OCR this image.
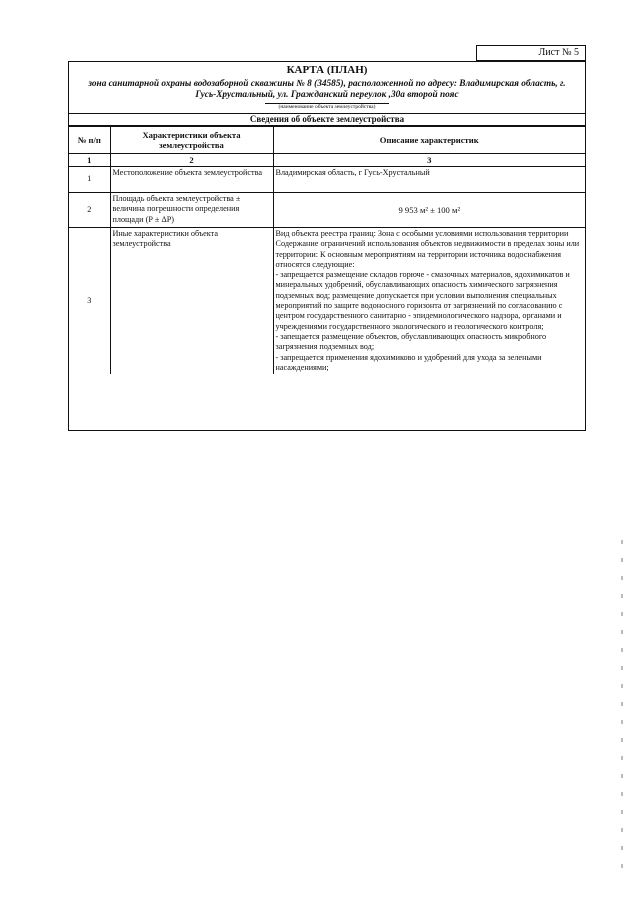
Лист № 5
КАРТА (ПЛАН)
зона санитарной охраны водозаборной скважины № 8 (34585), расположенной по адресу: Владимирская область, г. Гусь-Хрустальный, ул. Гражданский переулок ,30а второй пояс
(наименование объекта землеустройства)
Сведения об объекте землеустройства
№ п/п	Характеристики объекта землеустройства	Описание характеристик
1	2	3
1	Местоположение объекта землеустройства	Владимирская область, г Гусь-Хрустальный
2	Площадь объекта землеустройства ± величина погрешности определения площади (Р ± ΔР)	9 953 м² ± 100 м²
3	Иные характеристики объекта землеустройства	Вид объекта реестра границ: Зона с особыми условиями использования территории
Содержание ограничений использования объектов недвижимости в пределах зоны или территории: К основным мероприятиям на территории источника водоснабжения относятся следующие:
- запрещается размещение складов горюче - смазочных материалов, ядохимикатов и минеральных удобрений, обуславливающих опасность химического загрязнения подземных вод; размещение допускается при условии выполнения специальных мероприятий по защите водоносного горизонта от загрязнений по согласованию с центром государственного санитарно - эпидемиологического надзора, органами и учреждениями государственного экологического и геологического контроля;
- запещается размещение объектов, обуславливающих опасность микробного загрязнения подземных вод;
- запрещается применения ядохимиково и удобрений для ухода за зелеными насаждениями;
